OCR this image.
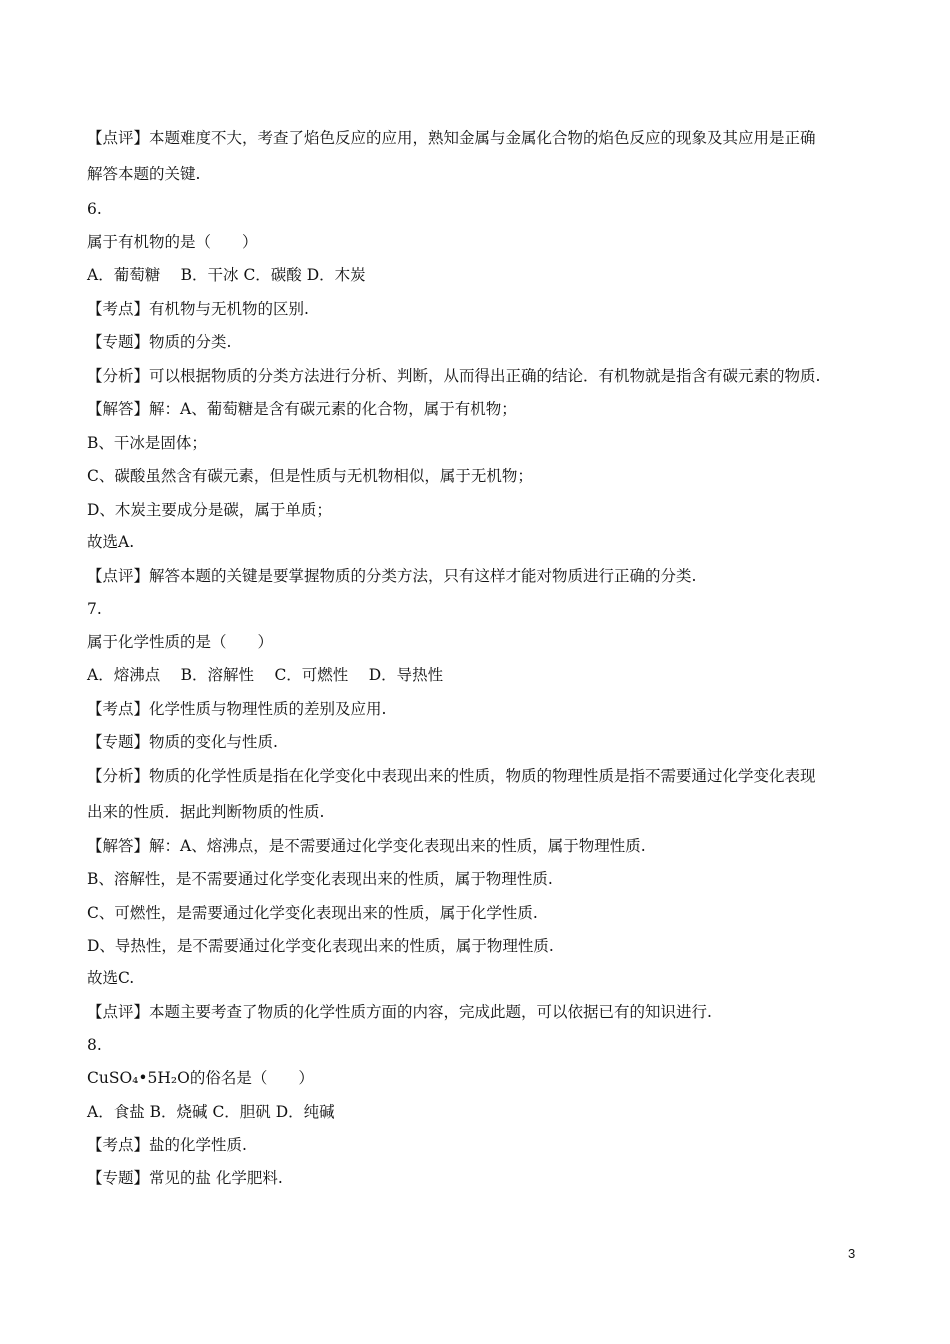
【点评】本题难度不大，考查了焰色反应的应用，熟知金属与金属化合物的焰色反应的现象及其应用是正确
解答本题的关键.
6.
属于有机物的是（　　）
A．葡萄糖　 B．干冰 C．碳酸 D．木炭
【考点】有机物与无机物的区别.
【专题】物质的分类.
【分析】可以根据物质的分类方法进行分析、判断，从而得出正确的结论．有机物就是指含有碳元素的物质.
【解答】解：A、葡萄糖是含有碳元素的化合物，属于有机物；
B、干冰是固体；
C、碳酸虽然含有碳元素，但是性质与无机物相似，属于无机物；
D、木炭主要成分是碳，属于单质；
故选A.
【点评】解答本题的关键是要掌握物质的分类方法，只有这样才能对物质进行正确的分类.
7.
属于化学性质的是（　　）
A．熔沸点　 B．溶解性　 C．可燃性　 D．导热性
【考点】化学性质与物理性质的差别及应用.
【专题】物质的变化与性质.
【分析】物质的化学性质是指在化学变化中表现出来的性质，物质的物理性质是指不需要通过化学变化表现
出来的性质．据此判断物质的性质.
【解答】解：A、熔沸点，是不需要通过化学变化表现出来的性质，属于物理性质.
B、溶解性，是不需要通过化学变化表现出来的性质，属于物理性质.
C、可燃性，是需要通过化学变化表现出来的性质，属于化学性质.
D、导热性，是不需要通过化学变化表现出来的性质，属于物理性质.
故选C.
【点评】本题主要考查了物质的化学性质方面的内容，完成此题，可以依据已有的知识进行.
8.
CuSO₄•5H₂O的俗名是（　　）
A．食盐 B．烧碱 C．胆矾 D．纯碱
【考点】盐的化学性质.
【专题】常见的盐 化学肥料.
3
